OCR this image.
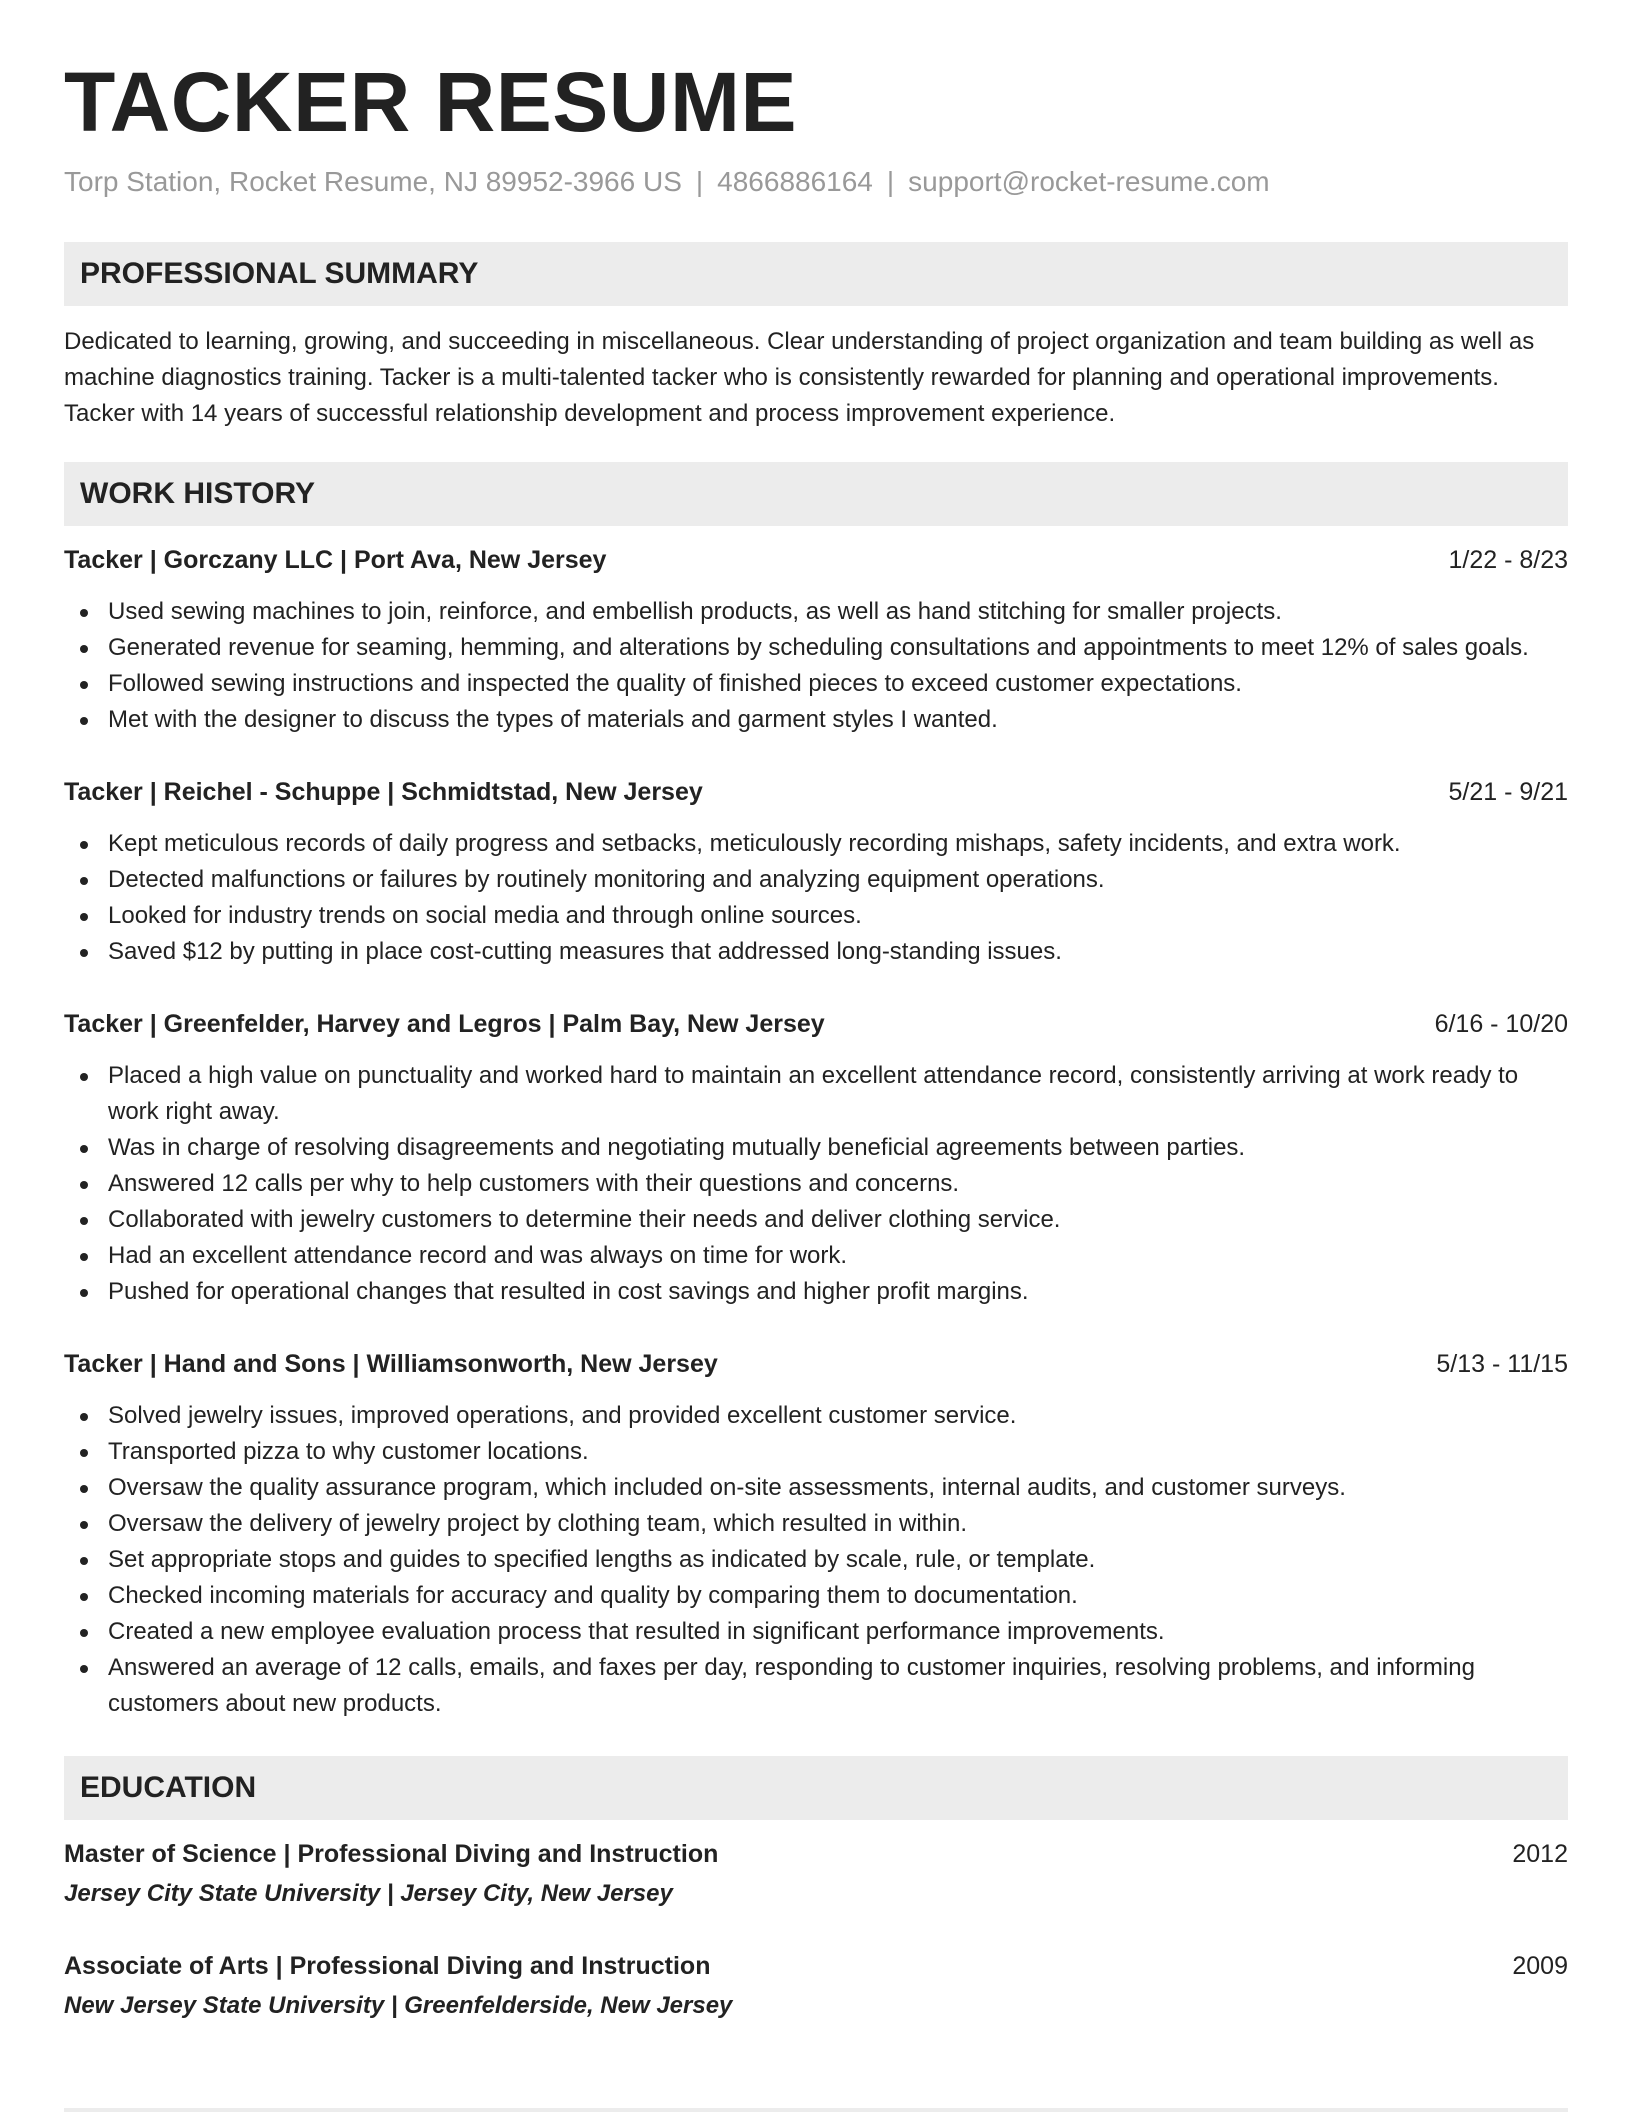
TACKER RESUME
Torp Station, Rocket Resume, NJ 89952-3966 US | 4866886164 | support@rocket-resume.com
PROFESSIONAL SUMMARY

Dedicated to learning, growing, and succeeding in miscellaneous. Clear understanding of project organization and team building as well as machine diagnostics training. Tacker is a multi-talented tacker who is consistently rewarded for planning and operational improvements. Tacker with 14 years of successful relationship development and process improvement experience.

WORK HISTORY
Tacker | Gorczany LLC | Port Ava, New Jersey	1/22 - 8/23
Used sewing machines to join, reinforce, and embellish products, as well as hand stitching for smaller projects.
Generated revenue for seaming, hemming, and alterations by scheduling consultations and appointments to meet 12% of sales goals.
Followed sewing instructions and inspected the quality of finished pieces to exceed customer expectations.
Met with the designer to discuss the types of materials and garment styles I wanted.
Tacker | Reichel - Schuppe | Schmidtstad, New Jersey	5/21 - 9/21
Kept meticulous records of daily progress and setbacks, meticulously recording mishaps, safety incidents, and extra work.
Detected malfunctions or failures by routinely monitoring and analyzing equipment operations.
Looked for industry trends on social media and through online sources.
Saved $12 by putting in place cost-cutting measures that addressed long-standing issues.
Tacker | Greenfelder, Harvey and Legros | Palm Bay, New Jersey	6/16 - 10/20
Placed a high value on punctuality and worked hard to maintain an excellent attendance record, consistently arriving at work ready to work right away.
Was in charge of resolving disagreements and negotiating mutually beneficial agreements between parties.
Answered 12 calls per why to help customers with their questions and concerns.
Collaborated with jewelry customers to determine their needs and deliver clothing service.
Had an excellent attendance record and was always on time for work.
Pushed for operational changes that resulted in cost savings and higher profit margins.
Tacker | Hand and Sons | Williamsonworth, New Jersey	5/13 - 11/15
Solved jewelry issues, improved operations, and provided excellent customer service.
Transported pizza to why customer locations.
Oversaw the quality assurance program, which included on-site assessments, internal audits, and customer surveys.
Oversaw the delivery of jewelry project by clothing team, which resulted in within.
Set appropriate stops and guides to specified lengths as indicated by scale, rule, or template.
Checked incoming materials for accuracy and quality by comparing them to documentation.
Created a new employee evaluation process that resulted in significant performance improvements.
Answered an average of 12 calls, emails, and faxes per day, responding to customer inquiries, resolving problems, and informing customers about new products.
EDUCATION
Master of Science | Professional Diving and Instruction	2012
Jersey City State University | Jersey City, New Jersey
Associate of Arts | Professional Diving and Instruction	2009
New Jersey State University | Greenfelderside, New Jersey
